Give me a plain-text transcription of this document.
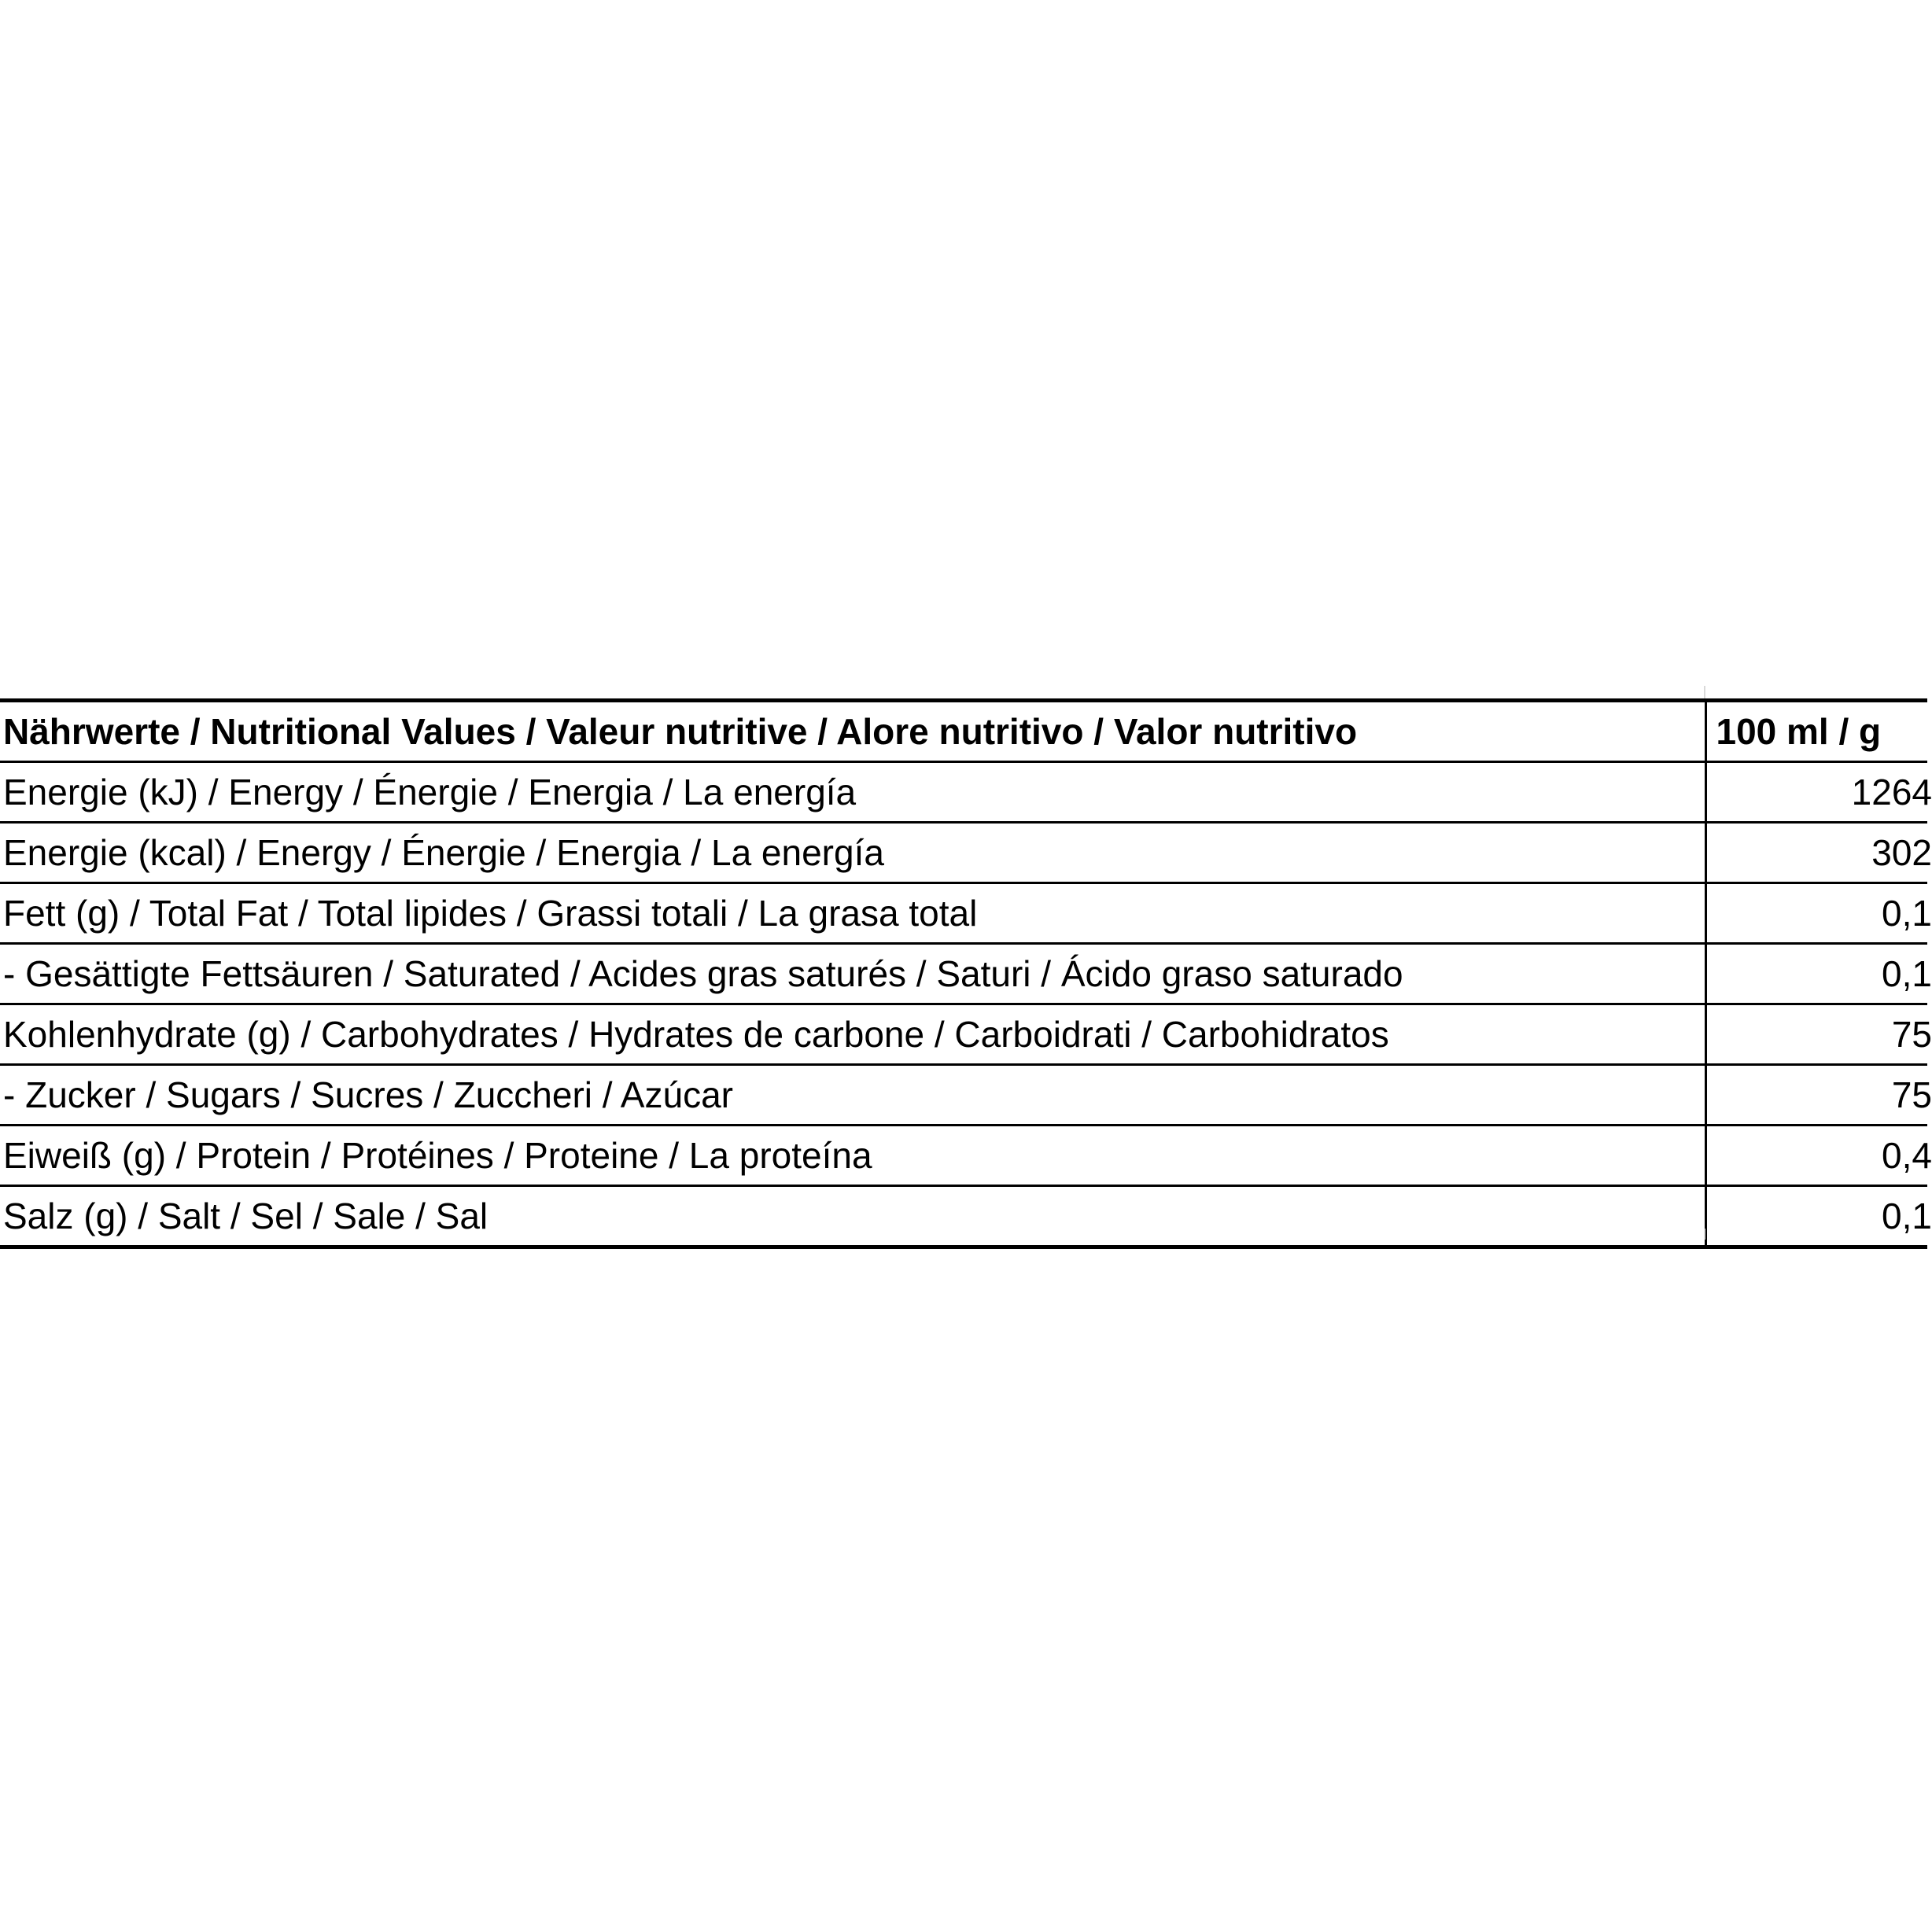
Nährwerte / Nutritional Values / Valeur nutritive / Alore nutritivo / Valor nutritivo	100 ml / g
Energie (kJ) / Energy / Énergie / Energia / La energía	1264
Energie (kcal) / Energy / Énergie / Energia / La energía	302
Fett (g) / Total Fat / Total lipides / Grassi totali / La grasa total	0,1
- Gesättigte Fettsäuren / Saturated / Acides gras saturés / Saturi / Ácido graso saturado	0,1
Kohlenhydrate (g) / Carbohydrates / Hydrates de carbone / Carboidrati / Carbohidratos	75
- Zucker / Sugars / Sucres / Zuccheri / Azúcar	75
Eiweiß (g) / Protein / Protéines / Proteine / La proteína	0,4
Salz (g) / Salt / Sel / Sale / Sal	0,1
